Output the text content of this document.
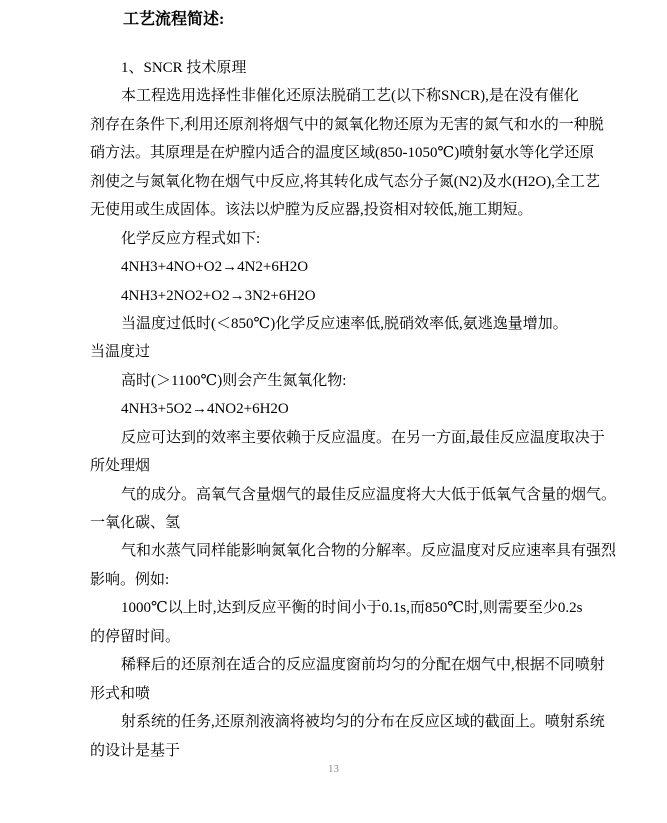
工艺流程简述:
1、SNCR 技术原理
本工程选用选择性非催化还原法脱硝工艺(以下称SNCR),是在没有催化
剂存在条件下,利用还原剂将烟气中的氮氧化物还原为无害的氮气和水的一种脱
硝方法。其原理是在炉膛内适合的温度区域(850-1050℃)喷射氨水等化学还原
剂使之与氮氧化物在烟气中反应,将其转化成气态分子氮(N2)及水(H2O),全工艺
无使用或生成固体。该法以炉膛为反应器,投资相对较低,施工期短。
化学反应方程式如下:
4NH3+4NO+O2→4N2+6H2O
4NH3+2NO2+O2→3N2+6H2O
当温度过低时(＜850℃)化学反应速率低,脱硝效率低,氨逃逸量增加。
当温度过
高时(＞1100℃)则会产生氮氧化物:
4NH3+5O2→4NO2+6H2O
反应可达到的效率主要依赖于反应温度。在另一方面,最佳反应温度取决于
所处理烟
气的成分。高氧气含量烟气的最佳反应温度将大大低于低氧气含量的烟气。
一氧化碳、氢
气和水蒸气同样能影响氮氧化合物的分解率。反应温度对反应速率具有强烈
影响。例如:
1000℃以上时,达到反应平衡的时间小于0.1s,而850℃时,则需要至少0.2s
的停留时间。
稀释后的还原剂在适合的反应温度窗前均匀的分配在烟气中,根据不同喷射
形式和喷
射系统的任务,还原剂液滴将被均匀的分布在反应区域的截面上。喷射系统
的设计是基于
13
